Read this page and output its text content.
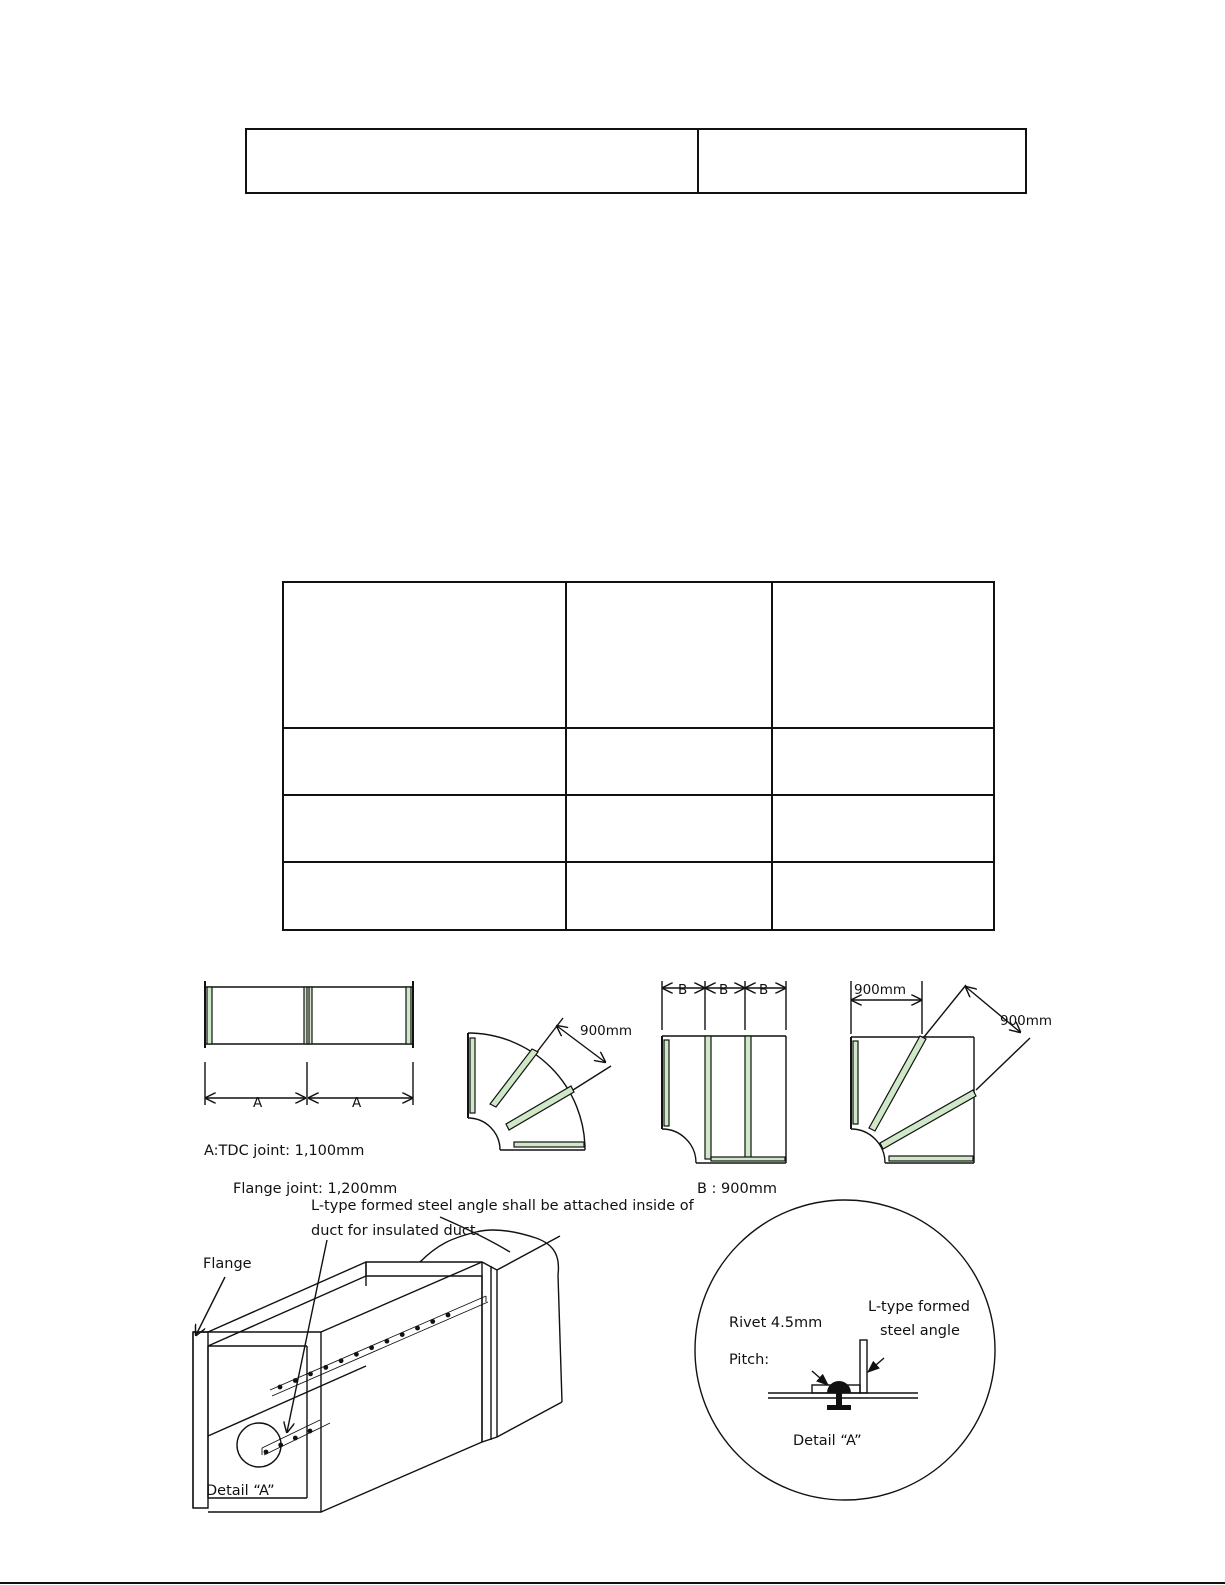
A	A
900mm
B B B	900mm
900mm
A:TDC joint: 1,100mm
Flange joint: 1,200mm	B : 900mm
L-type formed steel angle shall be attached inside of
duct for insulated duct.
Flange
Detail “A”
Rivet 4.5mm
Pitch:
L-type formed
steel angle
Detail “A”
